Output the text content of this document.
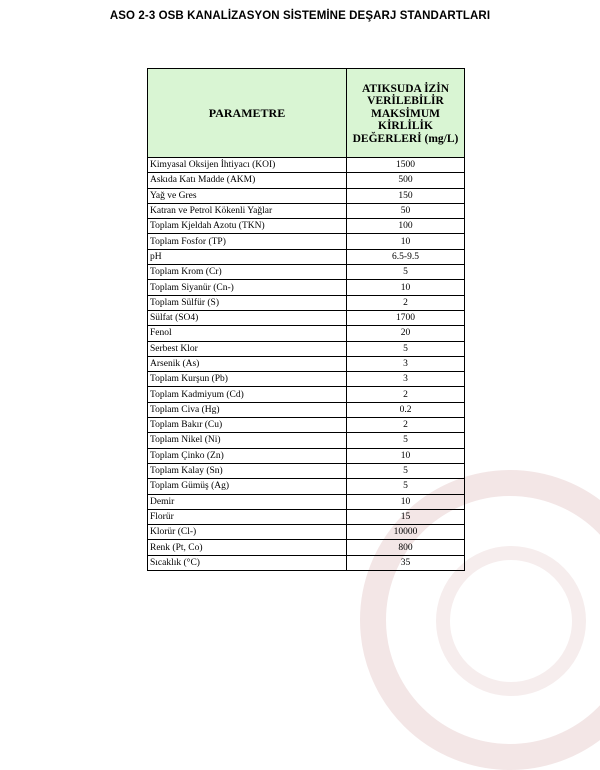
ASO 2-3 OSB KANALİZASYON SİSTEMİNE DEŞARJ STANDARTLARI
PARAMETRE	ATIKSUDA İZİN VERİLEBİLİR MAKSİMUM KİRLİLİK DEĞERLERİ (mg/L)
Kimyasal Oksijen İhtiyacı (KOI)	1500
Askıda Katı Madde (AKM)	500
Yağ ve Gres	150
Katran ve Petrol Kökenli Yağlar	50
Toplam Kjeldah Azotu (TKN)	100
Toplam Fosfor (TP)	10
pH	6.5-9.5
Toplam Krom (Cr)	5
Toplam Siyanür (Cn-)	10
Toplam Sülfür (S)	2
Sülfat (SO4)	1700
Fenol	20
Serbest Klor	5
Arsenik (As)	3
Toplam Kurşun (Pb)	3
Toplam Kadmiyum (Cd)	2
Toplam Civa (Hg)	0.2
Toplam Bakır (Cu)	2
Toplam Nikel (Ni)	5
Toplam Çinko (Zn)	10
Toplam Kalay (Sn)	5
Toplam Gümüş (Ag)	5
Demir	10
Florür	15
Klorür (Cl-)	10000
Renk (Pt, Co)	800
Sıcaklık (°C)	35
